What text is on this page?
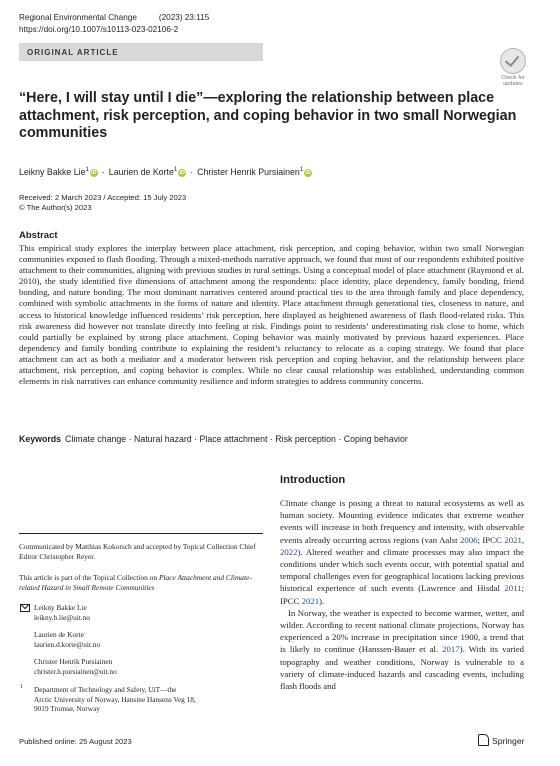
Regional Environmental Change	(2023) 23:115
https://doi.org/10.1007/s10113-023-02106-2
ORIGINAL ARTICLE
Check for updates
“Here, I will stay until I die”—exploring the relationship between place attachment, risk perception, and coping behavior in two small Norwegian communities
Leikny Bakke Lie$^1$ iD · Laurien de Korte$^1$ iD · Christer Henrik Pursiainen$^1$ iD
Received: 2 March 2023 / Accepted: 15 July 2023
© The Author(s) 2023
Abstract
This empirical study explores the interplay between place attachment, risk perception, and coping behavior, within two small Norwegian communities exposed to flash flooding. Through a mixed-methods narrative approach, we found that most of our respondents exhibited positive attachment to their communities, aligning with previous studies in rural settings. Using a conceptual model of place attachment (Raymond et al. 2010), the study identified five dimensions of attachment among the respondents: place identity, place dependency, family bonding, friend bonding, and nature bonding. The most dominant narratives centered around practical ties to the area through family and place dependency, combined with symbolic attachments in the forms of nature and identity. Place attachment through generational ties, closeness to nature, and access to historical knowledge influenced residents’ risk perception, here displayed as heightened awareness of flash flood-related risks. This risk awareness did however not translate directly into feeling at risk. Findings point to residents’ underestimating risk close to home, which could partially be explained by strong place attachment. Coping behavior was mainly motivated by previous hazard experiences. Place dependency and family bonding contribute to explaining the resident’s reluctancy to relocate as a coping strategy. We found that place attachment can act as both a mediator and a moderator between risk perception and coping behavior, and the relationship between place attachment, risk perception, and coping behavior is complex. While no clear causal relationship was established, understanding common elements in risk narratives can enhance community resilience and inform strategies to address community concerns.
Keywords Climate change · Natural hazard · Place attachment · Risk perception · Coping behavior
Introduction

Climate change is posing a threat to natural ecosystems as well as human society. Mounting evidence indicates that extreme weather events will increase in both frequency and intensity, with observable events already occurring across regions (van Aalst 2006; IPCC 2021, 2022). Altered weather and climate processes may also impact the conditions under which such events occur, with potential spatial and temporal challenges even for geographical locations lacking previous historical experience of such events (Lawrence and Hisdal 2011; IPCC 2021).

In Norway, the weather is expected to become warmer, wetter, and wilder. According to recent national climate projections, Norway has experienced a 20% increase in precipitation since 1900, a trend that is likely to continue (Hanssen-Bauer et al. 2017). With its varied topography and weather conditions, Norway is vulnerable to a variety of climate-induced hazards and cascading events, including flash floods and

Communicated by Matthias Kokorsch and accepted by Topical Collection Chief Editor Christopher Reyer.
This article is part of the Topical Collection on Place Attachment and Climate-related Hazard in Small Remote Communities
Leikny Bakke Lie
leikny.b.lie@uit.no
Laurien de Korte
laurien.d.korte@uit.no
Christer Henrik Pursiainen
christer.h.pursiainen@uit.no
1 Department of Technology and Safety, UiT—the
Arctic University of Norway, Hansine Hansens Veg 18,
9019 Tromsø, Norway
Published online: 25 August 2023	Springer
